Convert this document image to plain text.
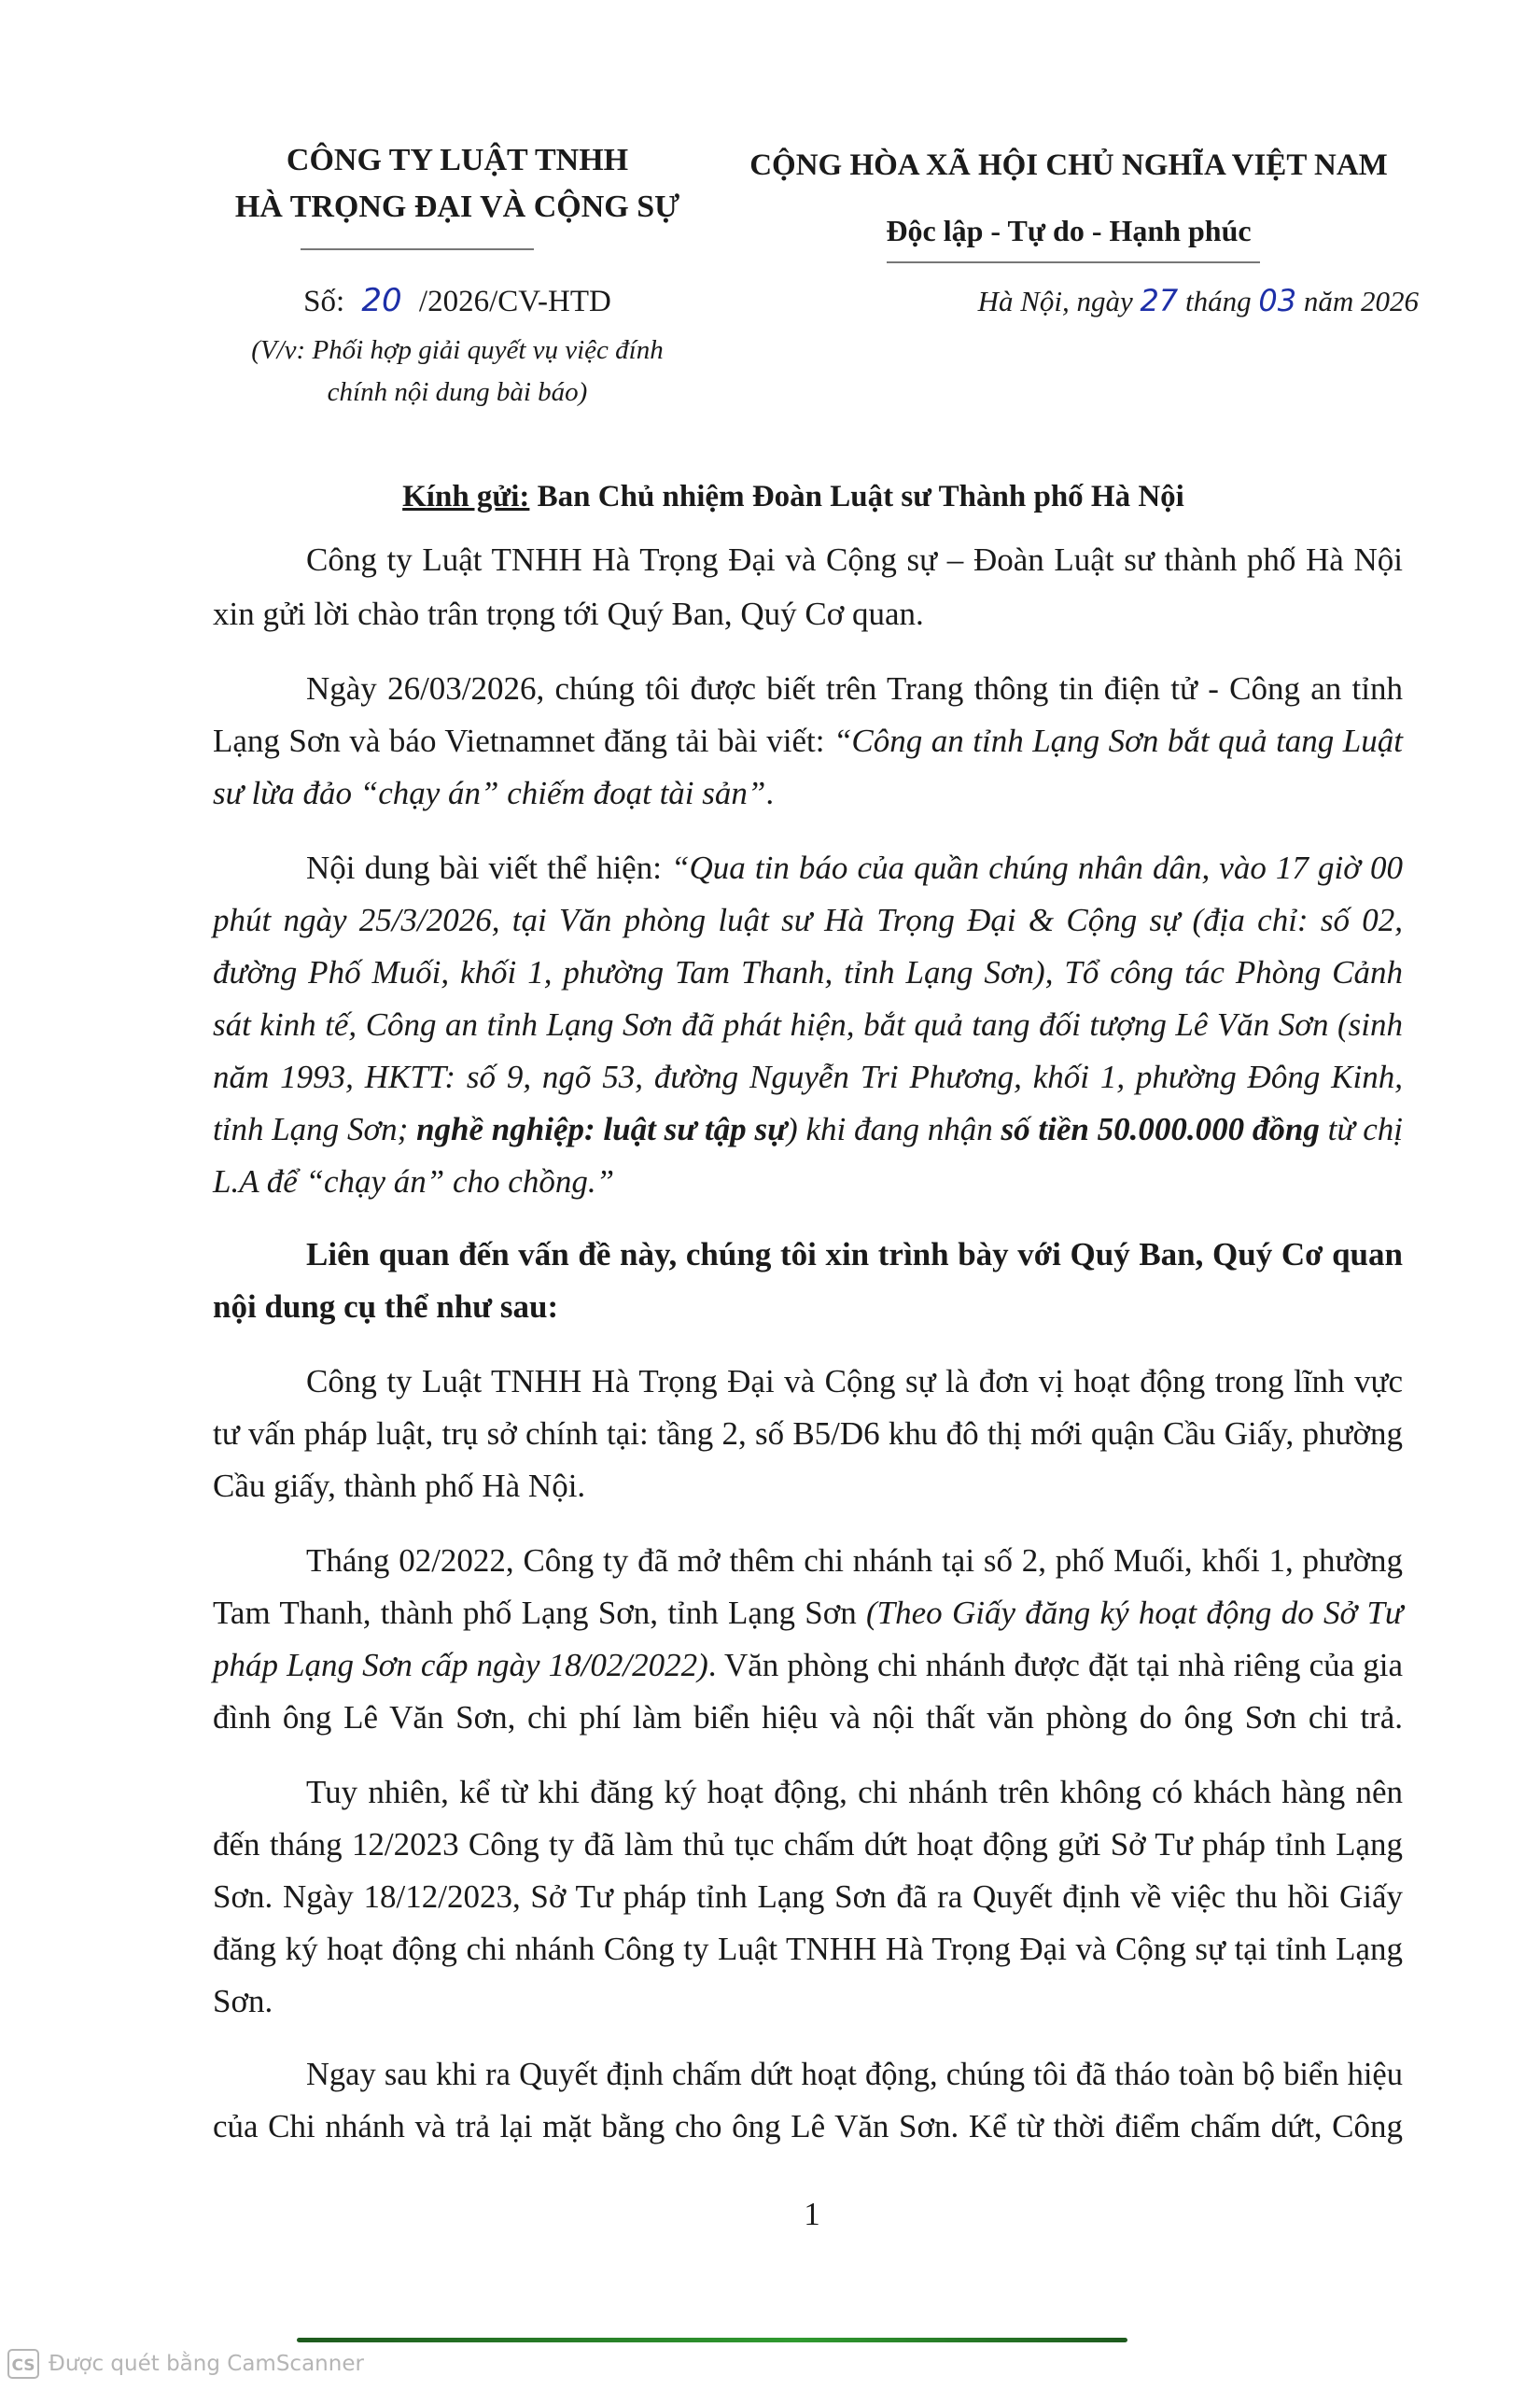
CÔNG TY LUẬT TNHH
HÀ TRỌNG ĐẠI VÀ CỘNG SỰ
Số: 20 /2026/CV-HTD
(V/v: Phối hợp giải quyết vụ việc đính
chính nội dung bài báo)
CỘNG HÒA XÃ HỘI CHỦ NGHĨA VIỆT NAM
Độc lập - Tự do - Hạnh phúc
Hà Nội, ngày 27 tháng 03 năm 2026
Kính gửi: Ban Chủ nhiệm Đoàn Luật sư Thành phố Hà Nội
Công ty Luật TNHH Hà Trọng Đại và Cộng sự – Đoàn Luật sư thành phố Hà Nội
xin gửi lời chào trân trọng tới Quý Ban, Quý Cơ quan.
Ngày 26/03/2026, chúng tôi được biết trên Trang thông tin điện tử - Công an tỉnh
Lạng Sơn và báo Vietnamnet đăng tải bài viết: “Công an tỉnh Lạng Sơn bắt quả tang Luật
sư lừa đảo “chạy án” chiếm đoạt tài sản”.
Nội dung bài viết thể hiện: “Qua tin báo của quần chúng nhân dân, vào 17 giờ 00
phút ngày 25/3/2026, tại Văn phòng luật sư Hà Trọng Đại & Cộng sự (địa chỉ: số 02,
đường Phố Muối, khối 1, phường Tam Thanh, tỉnh Lạng Sơn), Tổ công tác Phòng Cảnh
sát kinh tế, Công an tỉnh Lạng Sơn đã phát hiện, bắt quả tang đối tượng Lê Văn Sơn (sinh
năm 1993, HKTT: số 9, ngõ 53, đường Nguyễn Tri Phương, khối 1, phường Đông Kinh,
tỉnh Lạng Sơn; nghề nghiệp: luật sư tập sự) khi đang nhận số tiền 50.000.000 đồng từ chị
L.A để “chạy án” cho chồng.”
Liên quan đến vấn đề này, chúng tôi xin trình bày với Quý Ban, Quý Cơ quan
nội dung cụ thể như sau:
Công ty Luật TNHH Hà Trọng Đại và Cộng sự là đơn vị hoạt động trong lĩnh vực
tư vấn pháp luật, trụ sở chính tại: tầng 2, số B5/D6 khu đô thị mới quận Cầu Giấy, phường
Cầu giấy, thành phố Hà Nội.
Tháng 02/2022, Công ty đã mở thêm chi nhánh tại số 2, phố Muối, khối 1, phường
Tam Thanh, thành phố Lạng Sơn, tỉnh Lạng Sơn (Theo Giấy đăng ký hoạt động do Sở Tư
pháp Lạng Sơn cấp ngày 18/02/2022). Văn phòng chi nhánh được đặt tại nhà riêng của gia
đình ông Lê Văn Sơn, chi phí làm biển hiệu và nội thất văn phòng do ông Sơn chi trả.
Tuy nhiên, kể từ khi đăng ký hoạt động, chi nhánh trên không có khách hàng nên
đến tháng 12/2023 Công ty đã làm thủ tục chấm dứt hoạt động gửi Sở Tư pháp tỉnh Lạng
Sơn. Ngày 18/12/2023, Sở Tư pháp tỉnh Lạng Sơn đã ra Quyết định về việc thu hồi Giấy
đăng ký hoạt động chi nhánh Công ty Luật TNHH Hà Trọng Đại và Cộng sự tại tỉnh Lạng
Sơn.
Ngay sau khi ra Quyết định chấm dứt hoạt động, chúng tôi đã tháo toàn bộ biển hiệu
của Chi nhánh và trả lại mặt bằng cho ông Lê Văn Sơn. Kể từ thời điểm chấm dứt, Công
1
CS Được quét bằng CamScanner
